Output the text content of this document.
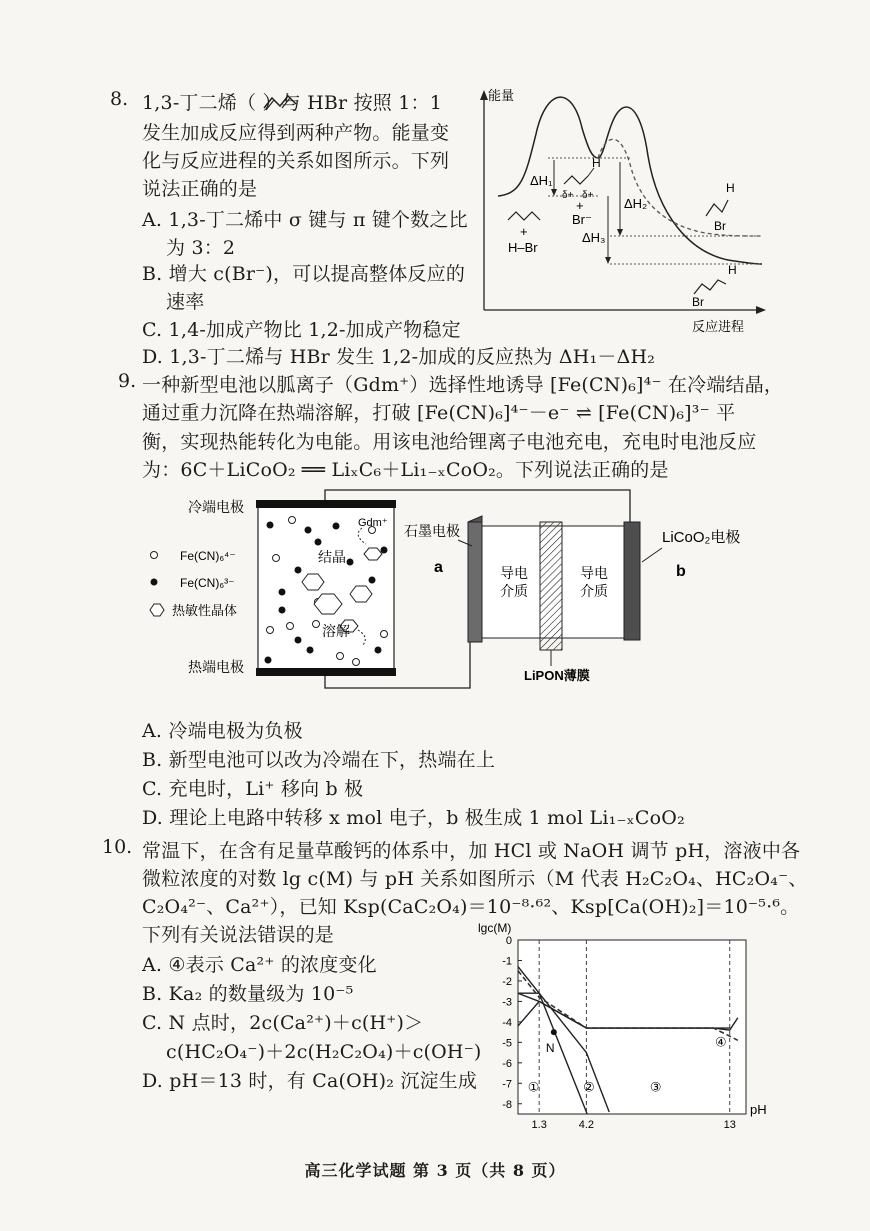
8. 1,3-丁二烯（ ）与 HBr 按照 1：1
发生加成反应得到两种产物。能量变
化与反应进程的关系如图所示。下列
说法正确的是
A. 1,3-丁二烯中 σ 键与 π 键个数之比
为 3：2
B. 增大 c(Br⁻)，可以提高整体反应的
速率
C. 1,4-加成产物比 1,2-加成产物稳定
D. 1,3-丁二烯与 HBr 发生 1,2-加成的反应热为 ΔH₁－ΔH₂
能量
反应进程
ΔH₁
ΔH₂
ΔH₃
+
H–Br
H
δ+ δ+
+
Br⁻
H
Br
H
Br
9. 一种新型电池以胍离子（Gdm⁺）选择性地诱导 [Fe(CN)₆]⁴⁻ 在冷端结晶，
通过重力沉降在热端溶解，打破 [Fe(CN)₆]⁴⁻－e⁻ ⇌ [Fe(CN)₆]³⁻ 平
衡，实现热能转化为电能。用该电池给锂离子电池充电，充电时电池反应
为：6C＋LiCoO₂ ══ LiₓC₆＋Li₁₋ₓCoO₂。下列说法正确的是
冷端电极
热端电极
Fe(CN)₆⁴⁻
Fe(CN)₆³⁻
热敏性晶体
Gdm⁺
结晶
溶解
石墨电极
a	导电
介质
导电
介质
LiPON薄膜
LiCoO₂电极
b
A. 冷端电极为负极
B. 新型电池可以改为冷端在下，热端在上
C. 充电时，Li⁺ 移向 b 极
D. 理论上电路中转移 x mol 电子，b 极生成 1 mol Li₁₋ₓCoO₂
10. 常温下，在含有足量草酸钙的体系中，加 HCl 或 NaOH 调节 pH，溶液中各
微粒浓度的对数 lg c(M) 与 pH 关系如图所示（M 代表 H₂C₂O₄、HC₂O₄⁻、
C₂O₄²⁻、Ca²⁺），已知 Ksp(CaC₂O₄)＝10⁻⁸·⁶²、Ksp[Ca(OH)₂]＝10⁻⁵·⁶。
下列有关说法错误的是
A. ④表示 Ca²⁺ 的浓度变化
B. Ka₂ 的数量级为 10⁻⁵
C. N 点时，2c(Ca²⁺)＋c(H⁺)＞
c(HC₂O₄⁻)＋2c(H₂C₂O₄)＋c(OH⁻)
D. pH＝13 时，有 Ca(OH)₂ 沉淀生成
lgc(M)
pH
0
-1
-2
-3
-4
-5
-6
-7
-8
1.3	4.2	13
①	②	③
④
N
高三化学试题 第 3 页（共 8 页）
